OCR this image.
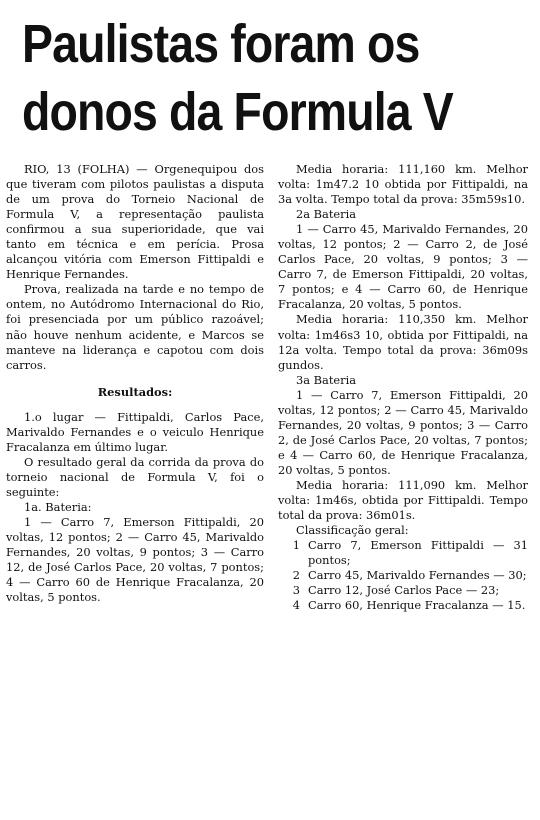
Paulistas foram os
donos da Formula V

RIO, 13 (FOLHA) — Orgenequipou dos que tiveram com pilotos paulistas a disputa de um prova do Torneio Nacional de Formula V, a representação paulista confirmou a sua superioridade, que vai tanto em técnica e em perícia. Prosa alcançou vitória com Emerson Fittipaldi e Henrique Fernandes.

Prova, realizada na tarde e no tempo de ontem, no Autódromo Internacional do Rio, foi presenciada por um público razoável; não houve nenhum acidente, e Marcos se manteve na liderança e capotou com dois carros.

Resultados:

1.o lugar — Fittipaldi, Carlos Pace, Marivaldo Fernandes e o veiculo Henrique Fracalanza em último lugar.

O resultado geral da corrida da prova do torneio nacional de Formula V, foi o seguinte:

1a. Bateria:

1 — Carro 7, Emerson Fittipaldi, 20 voltas, 12 pontos; 2 — Carro 45, Marivaldo Fernandes, 20 voltas, 9 pontos; 3 — Carro 12, de José Carlos Pace, 20 voltas, 7 pontos; 4 — Carro 60 de Henrique Fracalanza, 20 voltas, 5 pontos.

Media horaria: 111,160 km. Melhor volta: 1m47.2 10 obtida por Fittipaldi, na 3a volta. Tempo total da prova: 35m59s10.

2a Bateria

1 — Carro 45, Marivaldo Fernandes, 20 voltas, 12 pontos; 2 — Carro 2, de José Carlos Pace, 20 voltas, 9 pontos; 3 — Carro 7, de Emerson Fittipaldi, 20 voltas, 7 pontos; e 4 — Carro 60, de Henrique Fracalanza, 20 voltas, 5 pontos.

Media horaria: 110,350 km. Melhor volta: 1m46s3 10, obtida por Fittipaldi, na 12a volta. Tempo total da prova: 36m09s gundos.

3a Bateria

1 — Carro 7, Emerson Fittipaldi, 20 voltas, 12 pontos; 2 — Carro 45, Marivaldo Fernandes, 20 voltas, 9 pontos; 3 — Carro 2, de José Carlos Pace, 20 voltas, 7 pontos; e 4 — Carro 60, de Henrique Fracalanza, 20 voltas, 5 pontos.

Media horaria: 111,090 km. Melhor volta: 1m46s, obtida por Fittipaldi. Tempo total da prova: 36m01s.

Classificação geral:

1 Carro 7, Emerson Fittipaldi — 31 pontos;
2 Carro 45, Marivaldo Fernandes — 30;
3 Carro 12, José Carlos Pace — 23;
4 Carro 60, Henrique Fracalanza — 15.
